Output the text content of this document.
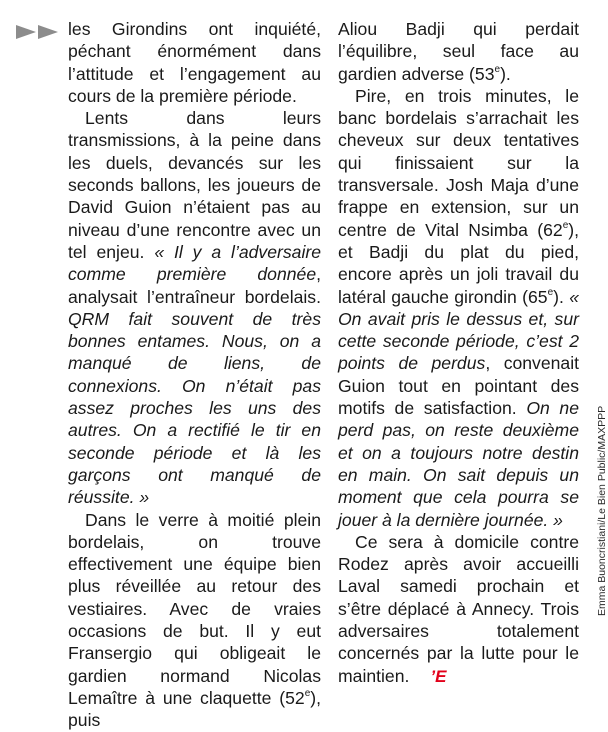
les Girondins ont inquiété, péchant énormément dans l’attitude et l’engagement au cours de la première période.

Lents dans leurs transmissions, à la peine dans les duels, devancés sur les seconds ballons, les joueurs de David Guion n’étaient pas au niveau d’une rencontre avec un tel enjeu. « Il y a l’adversaire comme première donnée, analysait l’entraîneur bordelais. QRM fait souvent de très bonnes entames. Nous, on a manqué de liens, de connexions. On n’était pas assez proches les uns des autres. On a rectifié le tir en seconde période et là les garçons ont manqué de réussite. »

Dans le verre à moitié plein bordelais, on trouve effectivement une équipe bien plus réveillée au retour des vestiaires. Avec de vraies occasions de but. Il y eut Fransergio qui obligeait le gardien normand Nicolas Lemaître à une claquette (52e), puis

Aliou Badji qui perdait l’équilibre, seul face au gardien adverse (53e).

Pire, en trois minutes, le banc bordelais s’arrachait les cheveux sur deux tentatives qui finissaient sur la transversale. Josh Maja d’une frappe en extension, sur un centre de Vital Nsimba (62e), et Badji du plat du pied, encore après un joli travail du latéral gauche girondin (65e). « On avait pris le dessus et, sur cette seconde période, c’est 2 points de perdus, convenait Guion tout en pointant des motifs de satisfaction. On ne perd pas, on reste deuxième et on a toujours notre destin en main. On sait depuis un moment que cela pourra se jouer à la dernière journée. »

Ce sera à domicile contre Rodez après avoir accueilli Laval samedi prochain et s’être déplacé à Annecy. Trois adversaires totalement concernés par la lutte pour le maintien. ’E

Emma Buoncristiani/Le Bien Public/MAXPPP
